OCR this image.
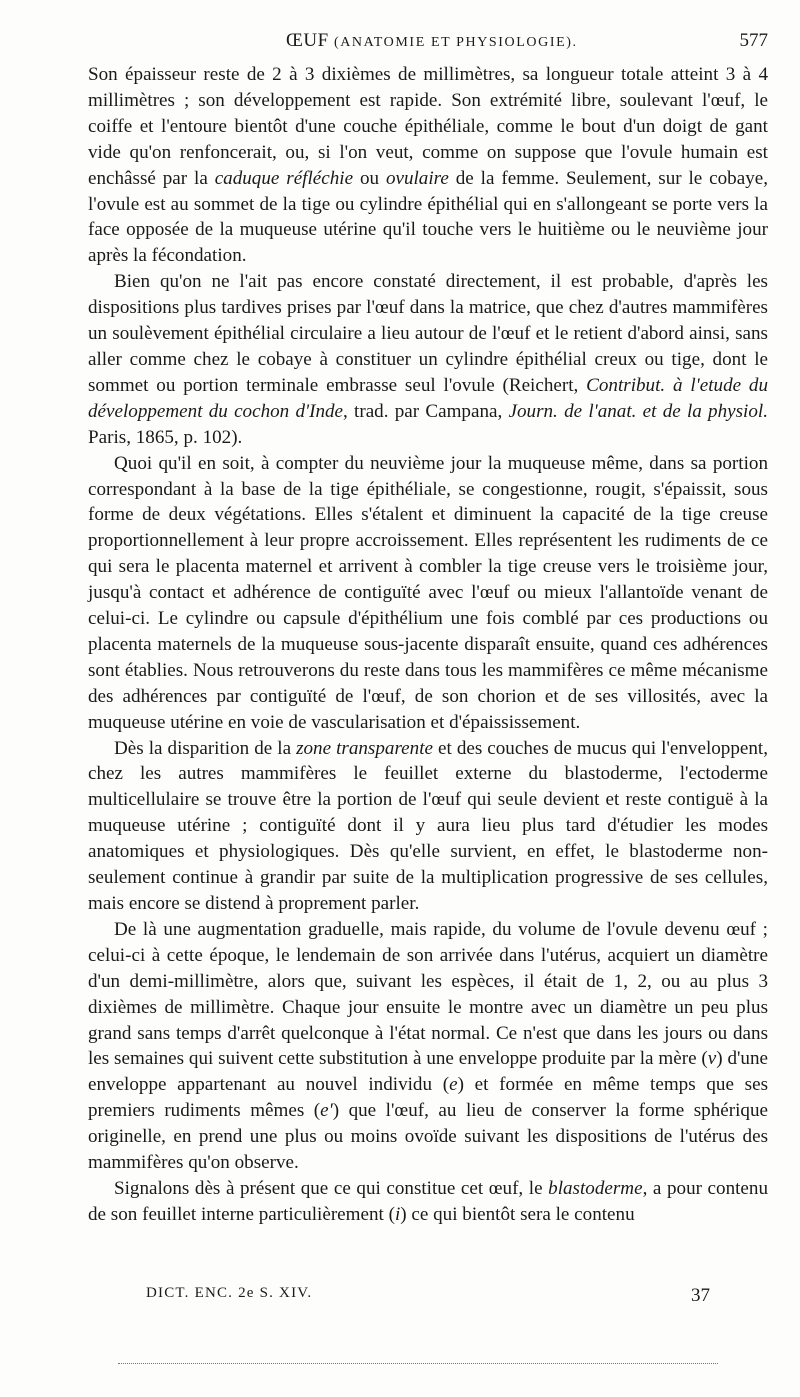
ŒUF (ANATOMIE ET PHYSIOLOGIE).	577

Son épaisseur reste de 2 à 3 dixièmes de millimètres, sa longueur totale atteint 3 à 4 millimètres ; son développement est rapide. Son extrémité libre, soulevant l'œuf, le coiffe et l'entoure bientôt d'une couche épithéliale, comme le bout d'un doigt de gant vide qu'on renfoncerait, ou, si l'on veut, comme on suppose que l'ovule humain est enchâssé par la caduque réfléchie ou ovulaire de la femme. Seulement, sur le cobaye, l'ovule est au sommet de la tige ou cylindre épithélial qui en s'allongeant se porte vers la face opposée de la muqueuse utérine qu'il touche vers le huitième ou le neuvième jour après la fécondation.

Bien qu'on ne l'ait pas encore constaté directement, il est probable, d'après les dispositions plus tardives prises par l'œuf dans la matrice, que chez d'autres mammifères un soulèvement épithélial circulaire a lieu autour de l'œuf et le retient d'abord ainsi, sans aller comme chez le cobaye à constituer un cylindre épithélial creux ou tige, dont le sommet ou portion terminale embrasse seul l'ovule (Reichert, Contribut. à l'etude du développement du cochon d'Inde, trad. par Campana, Journ. de l'anat. et de la physiol. Paris, 1865, p. 102).

Quoi qu'il en soit, à compter du neuvième jour la muqueuse même, dans sa portion correspondant à la base de la tige épithéliale, se congestionne, rougit, s'épaissit, sous forme de deux végétations. Elles s'étalent et diminuent la capacité de la tige creuse proportionnellement à leur propre accroissement. Elles représentent les rudiments de ce qui sera le placenta maternel et arrivent à combler la tige creuse vers le troisième jour, jusqu'à contact et adhérence de contiguïté avec l'œuf ou mieux l'allantoïde venant de celui-ci. Le cylindre ou capsule d'épithélium une fois comblé par ces productions ou placenta maternels de la muqueuse sous-jacente disparaît ensuite, quand ces adhérences sont établies. Nous retrouverons du reste dans tous les mammifères ce même mécanisme des adhérences par contiguïté de l'œuf, de son chorion et de ses villosités, avec la muqueuse utérine en voie de vascularisation et d'épaississement.

Dès la disparition de la zone transparente et des couches de mucus qui l'enveloppent, chez les autres mammifères le feuillet externe du blastoderme, l'ectoderme multicellulaire se trouve être la portion de l'œuf qui seule devient et reste contiguë à la muqueuse utérine ; contiguïté dont il y aura lieu plus tard d'étudier les modes anatomiques et physiologiques. Dès qu'elle survient, en effet, le blastoderme non-seulement continue à grandir par suite de la multiplication progressive de ses cellules, mais encore se distend à proprement parler.

De là une augmentation graduelle, mais rapide, du volume de l'ovule devenu œuf ; celui-ci à cette époque, le lendemain de son arrivée dans l'utérus, acquiert un diamètre d'un demi-millimètre, alors que, suivant les espèces, il était de 1, 2, ou au plus 3 dixièmes de millimètre. Chaque jour ensuite le montre avec un diamètre un peu plus grand sans temps d'arrêt quelconque à l'état normal. Ce n'est que dans les jours ou dans les semaines qui suivent cette substitution à une enveloppe produite par la mère (v) d'une enveloppe appartenant au nouvel individu (e) et formée en même temps que ses premiers rudiments mêmes (e') que l'œuf, au lieu de conserver la forme sphérique originelle, en prend une plus ou moins ovoïde suivant les dispositions de l'utérus des mammifères qu'on observe.

Signalons dès à présent que ce qui constitue cet œuf, le blastoderme, a pour contenu de son feuillet interne particulièrement (i) ce qui bientôt sera le contenu

DICT. ENC. 2e S. XIV.	37
